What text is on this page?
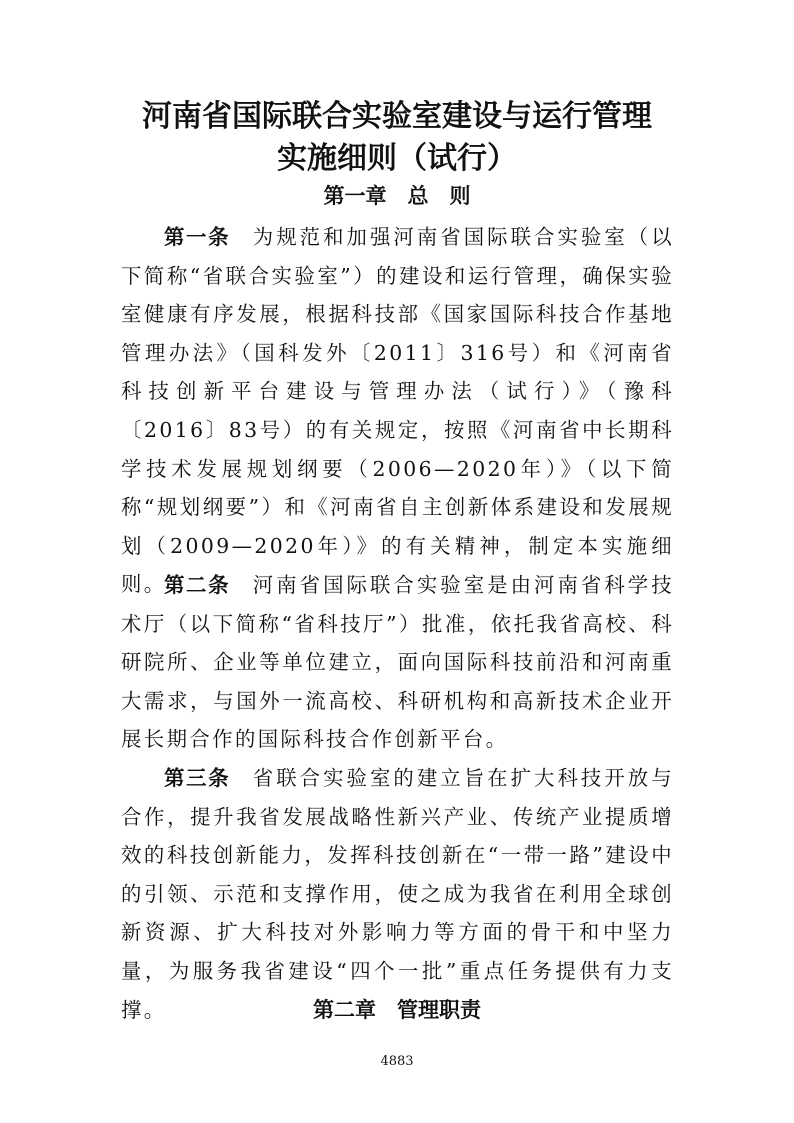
河南省国际联合实验室建设与运行管理
实施细则（试行）
第一章　总　则

第一条 为规范和加强河南省国际联合实验室（以下简称“省联合实验室”）的建设和运行管理，确保实验室健康有序发展，根据科技部《国家国际科技合作基地管理办法》（国科发外〔2011〕316号）和《河南省科技创新平台建设与管理办法（试行）》（豫科〔2016〕83号）的有关规定，按照《河南省中长期科学技术发展规划纲要（2006—2020年）》（以下简称“规划纲要”）和《河南省自主创新体系建设和发展规划（2009—2020年）》的有关精神，制定本实施细则。

第二条 河南省国际联合实验室是由河南省科学技术厅（以下简称“省科技厅”）批准，依托我省高校、科研院所、企业等单位建立，面向国际科技前沿和河南重大需求，与国外一流高校、科研机构和高新技术企业开展长期合作的国际科技合作创新平台。

第三条 省联合实验室的建立旨在扩大科技开放与合作，提升我省发展战略性新兴产业、传统产业提质增效的科技创新能力，发挥科技创新在“一带一路”建设中的引领、示范和支撑作用，使之成为我省在利用全球创新资源、扩大科技对外影响力等方面的骨干和中坚力量，为服务我省建设“四个一批”重点任务提供有力支撑。	第二章　管理职责
4883
